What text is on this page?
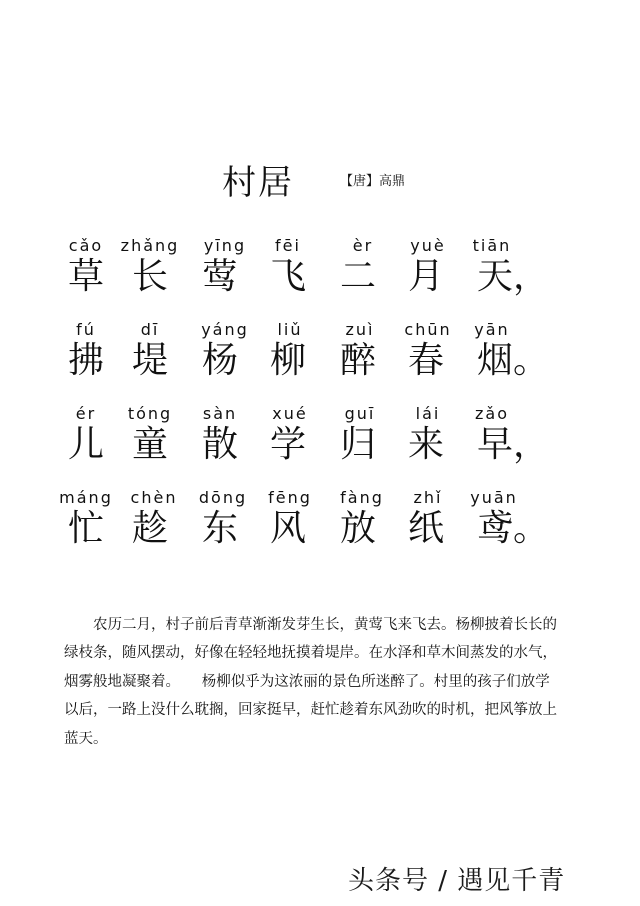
村居	【唐】高鼎
cǎo	zhǎng	yīng	fēi	èr	yuè	tiān
草 长 莺 飞 二 月 天，
fú	dī	yáng	liǔ	zuì	chūn	yān
拂 堤 杨 柳 醉 春 烟。
ér	tóng	sàn	xué	guī	lái	zǎo
儿 童 散 学 归 来 早，
máng	chèn	dōng	fēng	fàng	zhǐ	yuān
忙 趁 东 风 放 纸 鸢。

农历二月，村子前后青草渐渐发芽生长，黄莺飞来飞去。杨柳披着长长的绿枝条，随风摆动，好像在轻轻地抚摸着堤岸。在水泽和草木间蒸发的水气，烟雾般地凝聚着。　　杨柳似乎为这浓丽的景色所迷醉了。村里的孩子们放学以后，一路上没什么耽搁，回家挺早，赶忙趁着东风劲吹的时机，把风筝放上蓝天。

头条号 / 遇见千青
